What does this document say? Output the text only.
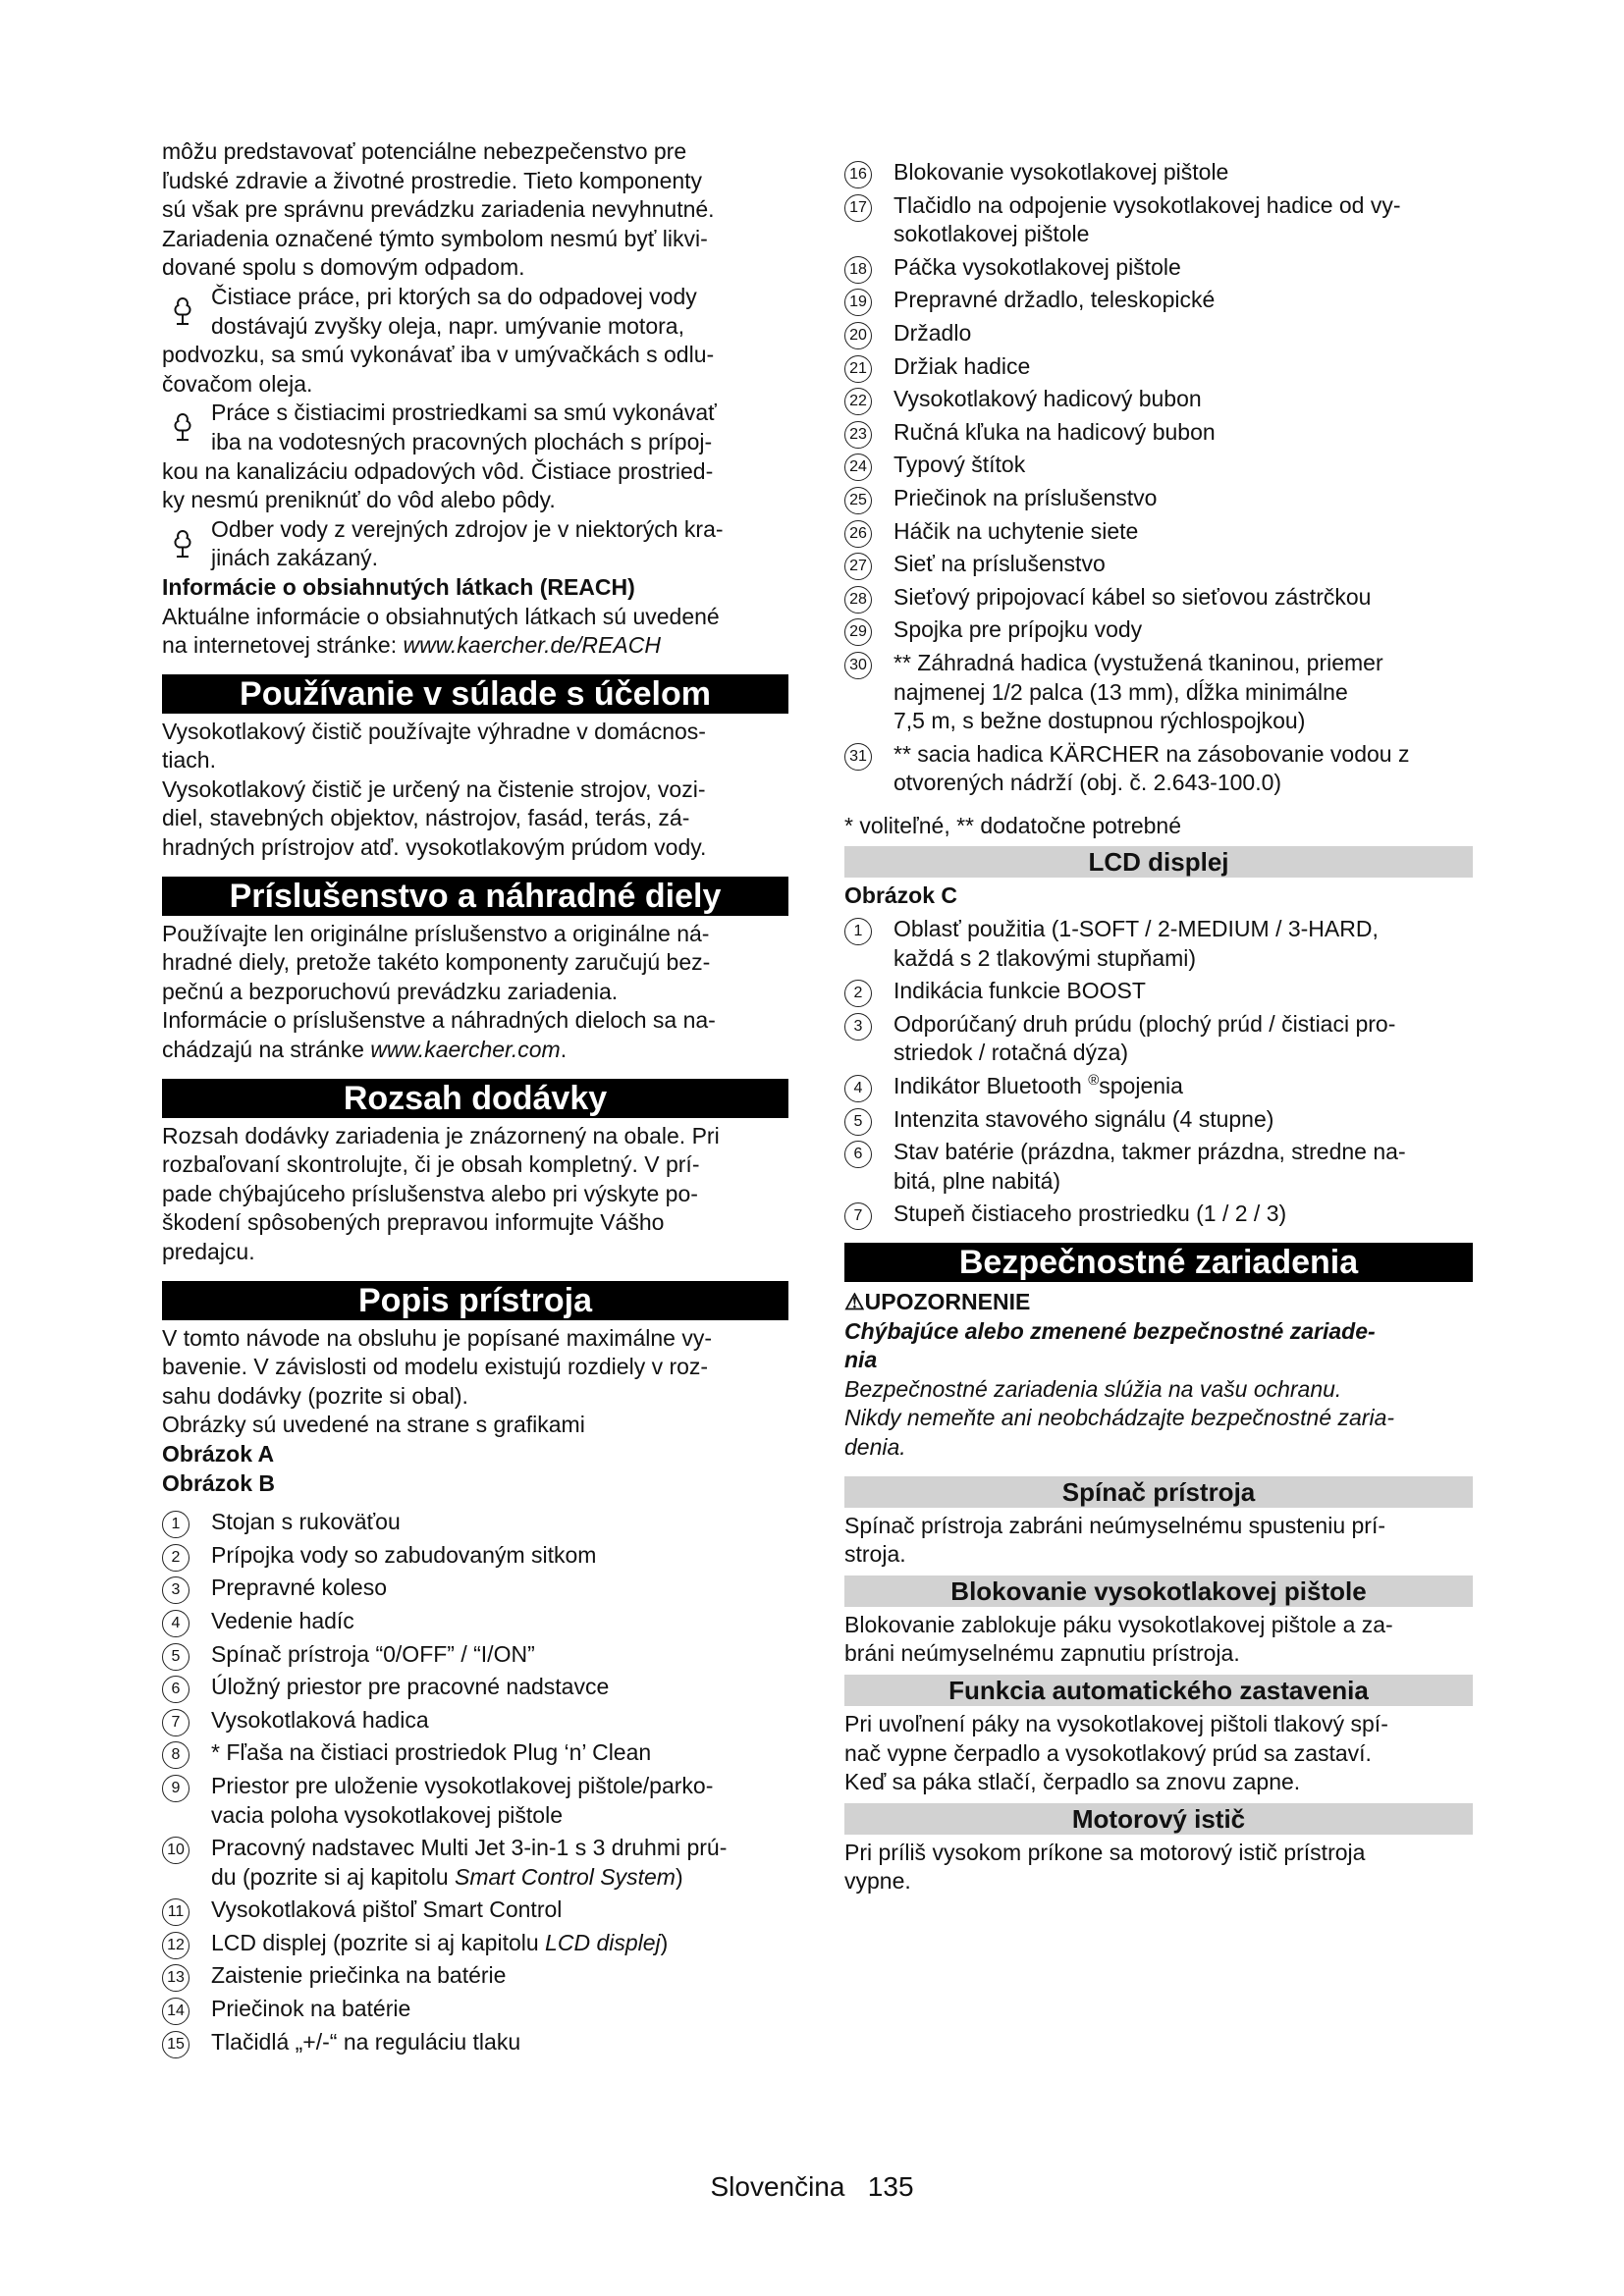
môžu predstavovať potenciálne nebezpečenstvo pre

ľudské zdravie a životné prostredie. Tieto komponenty

sú však pre správnu prevádzku zariadenia nevyhnutné.

Zariadenia označené týmto symbolom nesmú byť likvi-

dované spolu s domovým odpadom.

Čistiace práce, pri ktorých sa do odpadovej vody

dostávajú zvyšky oleja, napr. umývanie motora,

podvozku, sa smú vykonávať iba v umývačkách s odlu-

čovačom oleja.

Práce s čistiacimi prostriedkami sa smú vykonávať

iba na vodotesných pracovných plochách s prípoj-

kou na kanalizáciu odpadových vôd. Čistiace prostried-

ky nesmú preniknúť do vôd alebo pôdy.

Odber vody z verejných zdrojov je v niektorých kra-

jinách zakázaný.

Informácie o obsiahnutých látkach (REACH)

Aktuálne informácie o obsiahnutých látkach sú uvedené

na internetovej stránke: www.kaercher.de/REACH

Používanie v súlade s účelom

Vysokotlakový čistič používajte výhradne v domácnos-

tiach.

Vysokotlakový čistič je určený na čistenie strojov, vozi-

diel, stavebných objektov, nástrojov, fasád, terás, zá-

hradných prístrojov atď. vysokotlakovým prúdom vody.

Príslušenstvo a náhradné diely

Používajte len originálne príslušenstvo a originálne ná-

hradné diely, pretože takéto komponenty zaručujú bez-

pečnú a bezporuchovú prevádzku zariadenia.

Informácie o príslušenstve a náhradných dieloch sa na-

chádzajú na stránke www.kaercher.com.

Rozsah dodávky

Rozsah dodávky zariadenia je znázornený na obale. Pri

rozbaľovaní skontrolujte, či je obsah kompletný. V prí-

pade chýbajúceho príslušenstva alebo pri výskyte po-

škodení spôsobených prepravou informujte Vášho

predajcu.

Popis prístroja

V tomto návode na obsluhu je popísané maximálne vy-

bavenie. V závislosti od modelu existujú rozdiely v roz-

sahu dodávky (pozrite si obal).

Obrázky sú uvedené na strane s grafikami

Obrázok A

Obrázok B

1	Stojan s rukoväťou

2	Prípojka vody so zabudovaným sitkom

3	Prepravné koleso

4	Vedenie hadíc

5	Spínač prístroja “0/OFF” / “I/ON”

6	Úložný priestor pre pracovné nadstavce

7	Vysokotlaková hadica

8	* Fľaša na čistiaci prostriedok Plug ‘n’ Clean

9	Priestor pre uloženie vysokotlakovej pištole/parko-

vacia poloha vysokotlakovej pištole

10 Pracovný nadstavec Multi Jet 3-in-1 s 3 druhmi prú-

du (pozrite si aj kapitolu Smart Control System)

11 Vysokotlaková pištoľ Smart Control

12 LCD displej (pozrite si aj kapitolu LCD displej)

13 Zaistenie priečinka na batérie

14 Priečinok na batérie

15 Tlačidlá „+/-“ na reguláciu tlaku

16 Blokovanie vysokotlakovej pištole

17 Tlačidlo na odpojenie vysokotlakovej hadice od vy-

sokotlakovej pištole

18 Páčka vysokotlakovej pištole

19 Prepravné držadlo, teleskopické

20 Držadlo

21 Držiak hadice

22 Vysokotlakový hadicový bubon

23 Ručná kľuka na hadicový bubon

24 Typový štítok

25 Priečinok na príslušenstvo

26 Háčik na uchytenie siete

27 Sieť na príslušenstvo

28 Sieťový pripojovací kábel so sieťovou zástrčkou

29 Spojka pre prípojku vody

30 ** Záhradná hadica (vystužená tkaninou, priemer

najmenej 1/2 palca (13 mm), dĺžka minimálne

7,5 m, s bežne dostupnou rýchlospojkou)

31 ** sacia hadica KÄRCHER na zásobovanie vodou z

otvorených nádrží (obj. č. 2.643-100.0)

* voliteľné, ** dodatočne potrebné

LCD displej

Obrázok C

1	Oblasť použitia (1-SOFT / 2-MEDIUM / 3-HARD,

každá s 2 tlakovými stupňami)

2	Indikácia funkcie BOOST

3	Odporúčaný druh prúdu (plochý prúd / čistiaci pro-

striedok / rotačná dýza)

4	Indikátor Bluetooth ®spojenia

5	Intenzita stavového signálu (4 stupne)

6	Stav batérie (prázdna, takmer prázdna, stredne na-

bitá, plne nabitá)

7	Stupeň čistiaceho prostriedku (1 / 2 / 3)

Bezpečnostné zariadenia

⚠UPOZORNENIE

Chýbajúce alebo zmenené bezpečnostné zariade-

nia

Bezpečnostné zariadenia slúžia na vašu ochranu.

Nikdy nemeňte ani neobchádzajte bezpečnostné zaria-

denia.

Spínač prístroja

Spínač prístroja zabráni neúmyselnému spusteniu prí-

stroja.

Blokovanie vysokotlakovej pištole

Blokovanie zablokuje páku vysokotlakovej pištole a za-

bráni neúmyselnému zapnutiu prístroja.

Funkcia automatického zastavenia

Pri uvoľnení páky na vysokotlakovej pištoli tlakový spí-

nač vypne čerpadlo a vysokotlakový prúd sa zastaví.

Keď sa páka stlačí, čerpadlo sa znovu zapne.

Motorový istič

Pri príliš vysokom príkone sa motorový istič prístroja

vypne.

Slovenčina 135
